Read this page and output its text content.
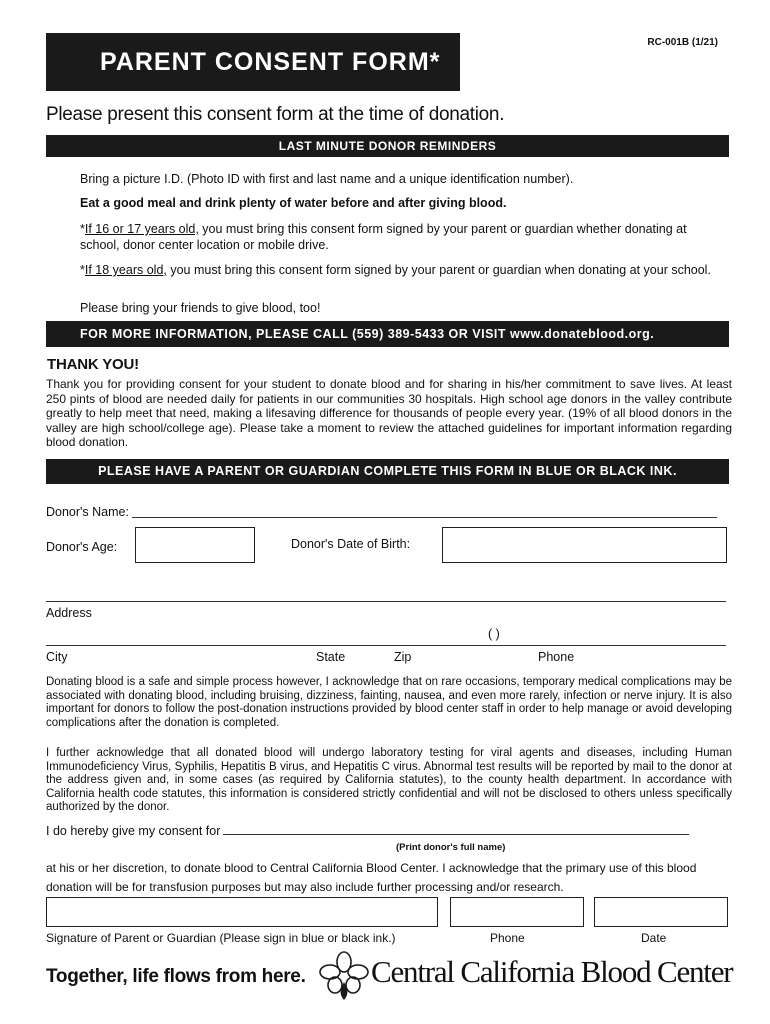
PARENT CONSENT FORM*
RC-001B (1/21)
Please present this consent form at the time of donation.
LAST MINUTE DONOR REMINDERS
Bring a picture I.D. (Photo ID with first and last name and a unique identification number).
Eat a good meal and drink plenty of water before and after giving blood.
*If 16 or 17 years old, you must bring this consent form signed by your parent or guardian whether donating at school, donor center location or mobile drive.
*If 18 years old, you must bring this consent form signed by your parent or guardian when donating at your school.
Please bring your friends to give blood, too!
FOR MORE INFORMATION, PLEASE CALL (559) 389-5433 OR VISIT www.donateblood.org.
THANK YOU!
Thank you for providing consent for your student to donate blood and for sharing in his/her commitment to save lives. At least 250 pints of blood are needed daily for patients in our communities 30 hospitals. High school age donors in the valley contribute greatly to help meet that need, making a lifesaving difference for thousands of people every year. (19% of all blood donors in the valley are high school/college age). Please take a moment to review the attached guidelines for important information regarding blood donation.
PLEASE HAVE A PARENT OR GUARDIAN COMPLETE THIS FORM IN BLUE OR BLACK INK.
Donor's Name:
Donor's Age:	Donor's Date of Birth:
Address
( )
City	State	Zip	Phone
Donating blood is a safe and simple process however, I acknowledge that on rare occasions, temporary medical complications may be associated with donating blood, including bruising, dizziness, fainting, nausea, and even more rarely, infection or nerve injury. It is also important for donors to follow the post-donation instructions provided by blood center staff in order to help manage or avoid developing complications after the donation is completed.
I further acknowledge that all donated blood will undergo laboratory testing for viral agents and diseases, including Human Immunodeficiency Virus, Syphilis, Hepatitis B virus, and Hepatitis C virus. Abnormal test results will be reported by mail to the donor at the address given and, in some cases (as required by California statutes), to the county health department. In accordance with California health code statutes, this information is considered strictly confidential and will not be disclosed to others unless specifically authorized by the donor.
I do hereby give my consent for
(Print donor's full name)
at his or her discretion, to donate blood to Central California Blood Center. I acknowledge that the primary use of this blood donation will be for transfusion purposes but may also include further processing and/or research.
Signature of Parent or Guardian (Please sign in blue or black ink.)	Phone	Date
Together, life flows from here. Central California Blood Center
